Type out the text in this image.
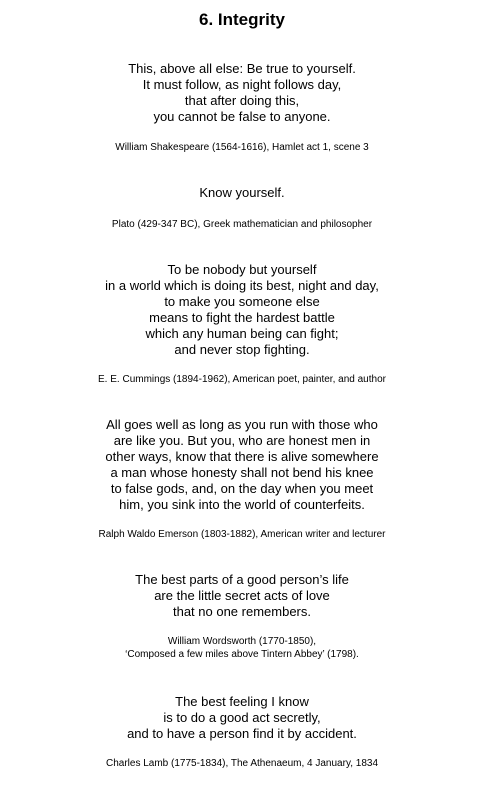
6. Integrity
This, above all else: Be true to yourself.
It must follow, as night follows day,
that after doing this,
you cannot be false to anyone.
William Shakespeare (1564-1616), Hamlet act 1, scene 3
Know yourself.
Plato (429-347 BC), Greek mathematician and philosopher
To be nobody but yourself
in a world which is doing its best, night and day,
to make you someone else
means to fight the hardest battle
which any human being can fight;
and never stop fighting.
E. E. Cummings (1894-1962), American poet, painter, and author
All goes well as long as you run with those who
are like you. But you, who are honest men in
other ways, know that there is alive somewhere
a man whose honesty shall not bend his knee
to false gods, and, on the day when you meet
him, you sink into the world of counterfeits.
Ralph Waldo Emerson (1803-1882), American writer and lecturer
The best parts of a good person’s life
are the little secret acts of love
that no one remembers.
William Wordsworth (1770-1850),
‘Composed a few miles above Tintern Abbey’ (1798).
The best feeling I know
is to do a good act secretly,
and to have a person find it by accident.
Charles Lamb (1775-1834), The Athenaeum, 4 January, 1834
